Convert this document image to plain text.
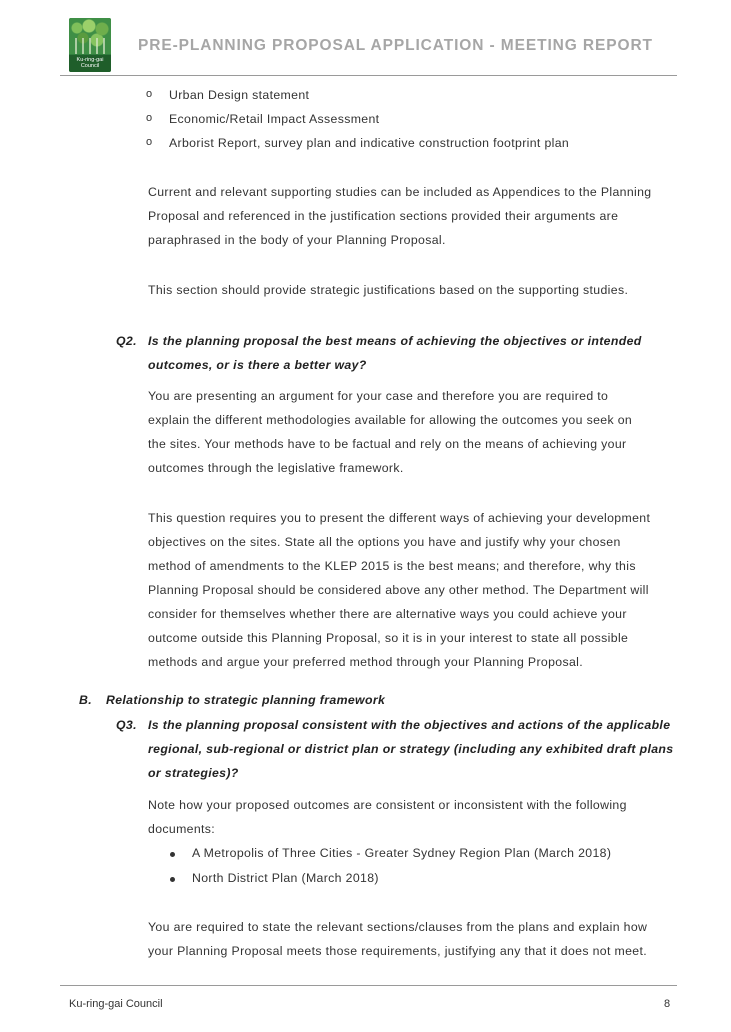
Ku-ring-gai
Council
PRE-PLANNING PROPOSAL APPLICATION - MEETING REPORT
o Urban Design statement
o Economic/Retail Impact Assessment
o Arborist Report, survey plan and indicative construction footprint plan
Current and relevant supporting studies can be included as Appendices to the Planning
Proposal and referenced in the justification sections provided their arguments are
paraphrased in the body of your Planning Proposal.
This section should provide strategic justifications based on the supporting studies.
Q2. Is the planning proposal the best means of achieving the objectives or intended
outcomes, or is there a better way?
You are presenting an argument for your case and therefore you are required to
explain the different methodologies available for allowing the outcomes you seek on
the sites. Your methods have to be factual and rely on the means of achieving your
outcomes through the legislative framework.
This question requires you to present the different ways of achieving your development
objectives on the sites. State all the options you have and justify why your chosen
method of amendments to the KLEP 2015 is the best means; and therefore, why this
Planning Proposal should be considered above any other method. The Department will
consider for themselves whether there are alternative ways you could achieve your
outcome outside this Planning Proposal, so it is in your interest to state all possible
methods and argue your preferred method through your Planning Proposal.
B. Relationship to strategic planning framework
Q3. Is the planning proposal consistent with the objectives and actions of the applicable
regional, sub-regional or district plan or strategy (including any exhibited draft plans
or strategies)?
Note how your proposed outcomes are consistent or inconsistent with the following
documents:
A Metropolis of Three Cities - Greater Sydney Region Plan (March 2018)
North District Plan (March 2018)
You are required to state the relevant sections/clauses from the plans and explain how
your Planning Proposal meets those requirements, justifying any that it does not meet.
Ku-ring-gai Council	8
